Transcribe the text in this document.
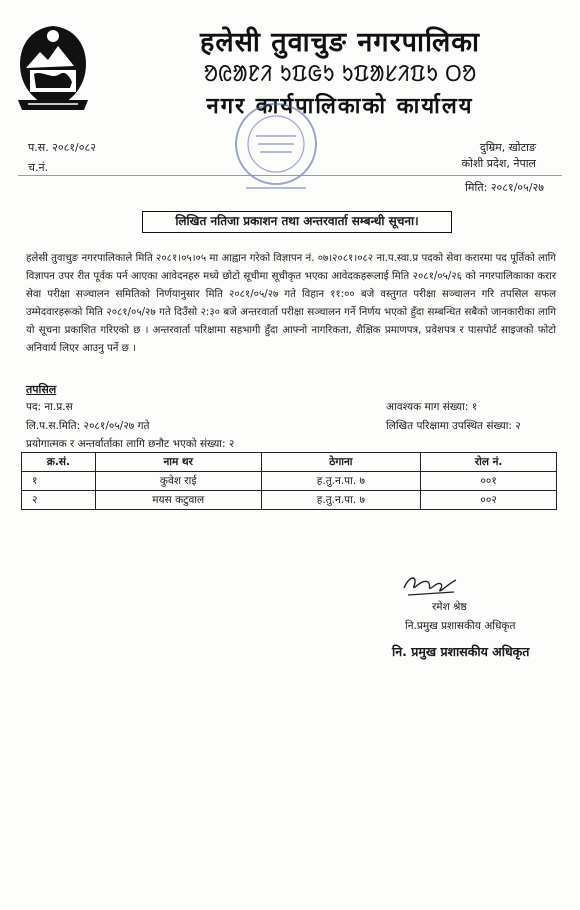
हलेसी तुवाचुङ नगरपालिका
ᱚᱭᱟᱱᱤ ᱩᱯᱜᱩ ᱩᱯᱟᱥᱤᱯᱩ ᱛᱚ
नगर कार्यपालिकाको कार्यालय
प.स. २०८१/०८२
च.नं.
दुम्रिम, खोटाङ
कोशी प्रदेश, नेपाल
मिति: २०८१/०५/२७
लिखित नतिजा प्रकाशन तथा अन्तरवार्ता सम्बन्धी सूचना।
हलेसी तुवाचुङ नगरपालिकाले मिति २०८१।०५।०५ मा आह्वान गरेको विज्ञापन नं. ०७।२०८१।०८२ ना.प.स्वा.प्र पदको सेवा करारमा पद पूर्तिको लागि विज्ञापन उपर रीत पूर्वक पर्न आएका आवेदनहरु मध्ये छोटो सूचीमा सूचीकृत भएका आवेदकहरूलाई मिति २०८१/०५/२६ को नगरपालिकाका करार सेवा परीक्षा सञ्चालन समितिको निर्णयानुसार मिति २०८१/०५/२७ गते विहान ११:०० बजे वस्तुगत परीक्षा सञ्चालन गरि तपसिल सफल उम्मेदवारहरूको मिति २०८१/०५/२७ गते दिउँसो २:३० बजे अन्तरवार्ता परीक्षा सञ्चालन गर्ने निर्णय भएको हुँदा सम्बन्धित सबैको जानकारीका लागि यो सूचना प्रकाशित गरिएको छ । अन्तरवार्ता परिक्षामा सहभागी हुँदा आफ्नो नागरिकता, शैक्षिक प्रमाणपत्र, प्रवेशपत्र र पासपोर्ट साइजको फोटो अनिवार्य लिएर आउनु पर्ने छ ।
तपसिल
पद: ना.प्र.स	आवश्यक माग संख्या: १
लि.प.स.मिति: २०८१/०५/२७ गते	लिखित परिक्षामा उपस्थित संख्या: २
प्रयोगात्मक र अन्तर्वार्ताका लागि छनौट भएको संख्या: २
क्र.सं.	नाम थर	ठेगाना	रोल नं.
१	कुवेश राई	ह.तु.न.पा. ७	००१
२	मयस कटुवाल	ह.तु.न.पा. ७	००२
रमेश श्रेष्ठ
नि.प्रमुख प्रशासकीय अधिकृत
नि. प्रमुख प्रशासकीय अधिकृत
